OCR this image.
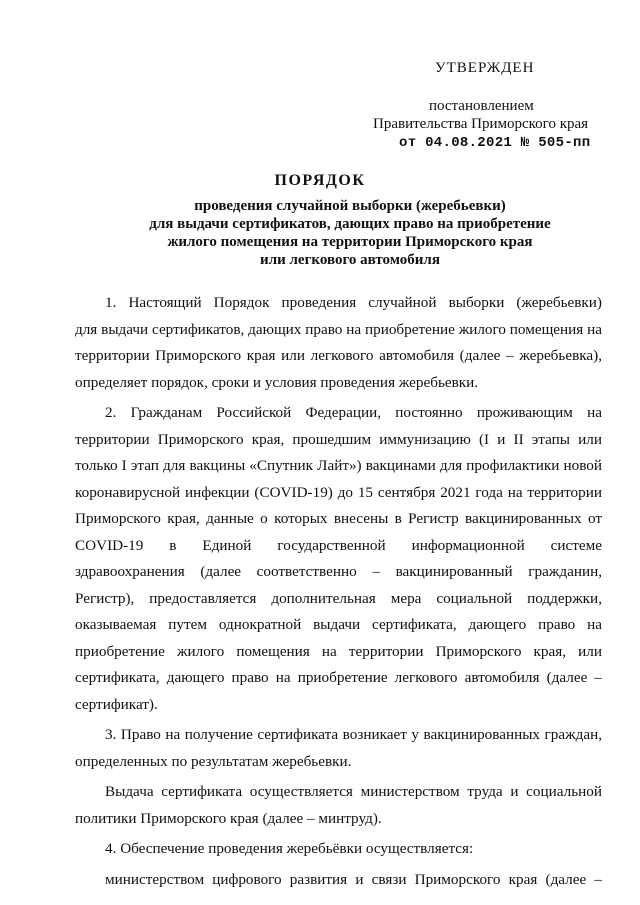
УТВЕРЖДЕН
постановлением
Правительства Приморского края
от 04.08.2021 № 505-пп
ПОРЯДОК
проведения случайной выборки (жеребьевки)
для выдачи сертификатов, дающих право на приобретение
жилого помещения на территории Приморского края
или легкового автомобиля
1. Настоящий Порядок проведения случайной выборки (жеребьевки)
для выдачи сертификатов, дающих право на приобретение жилого помещения на
территории Приморского края или легкового автомобиля (далее – жеребьевка),
определяет порядок, сроки и условия проведения жеребьевки.
2. Гражданам Российской Федерации, постоянно проживающим на
территории Приморского края, прошедшим иммунизацию (I и II этапы или
только I этап для вакцины «Спутник Лайт») вакцинами для профилактики новой
коронавирусной инфекции (COVID-19) до 15 сентября 2021 года на территории
Приморского края, данные о которых внесены в Регистр вакцинированных от
COVID-19 в Единой государственной информационной системе
здравоохранения (далее соответственно – вакцинированный гражданин,
Регистр), предоставляется дополнительная мера социальной поддержки,
оказываемая путем однократной выдачи сертификата, дающего право на
приобретение жилого помещения на территории Приморского края, или
сертификата, дающего право на приобретение легкового автомобиля (далее –
сертификат).
3. Право на получение сертификата возникает у вакцинированных граждан,
определенных по результатам жеребьевки.
Выдача сертификата осуществляется министерством труда и социальной
политики Приморского края (далее – минтруд).
4. Обеспечение проведения жеребьёвки осуществляется:
министерством цифрового развития и связи Приморского края (далее –
